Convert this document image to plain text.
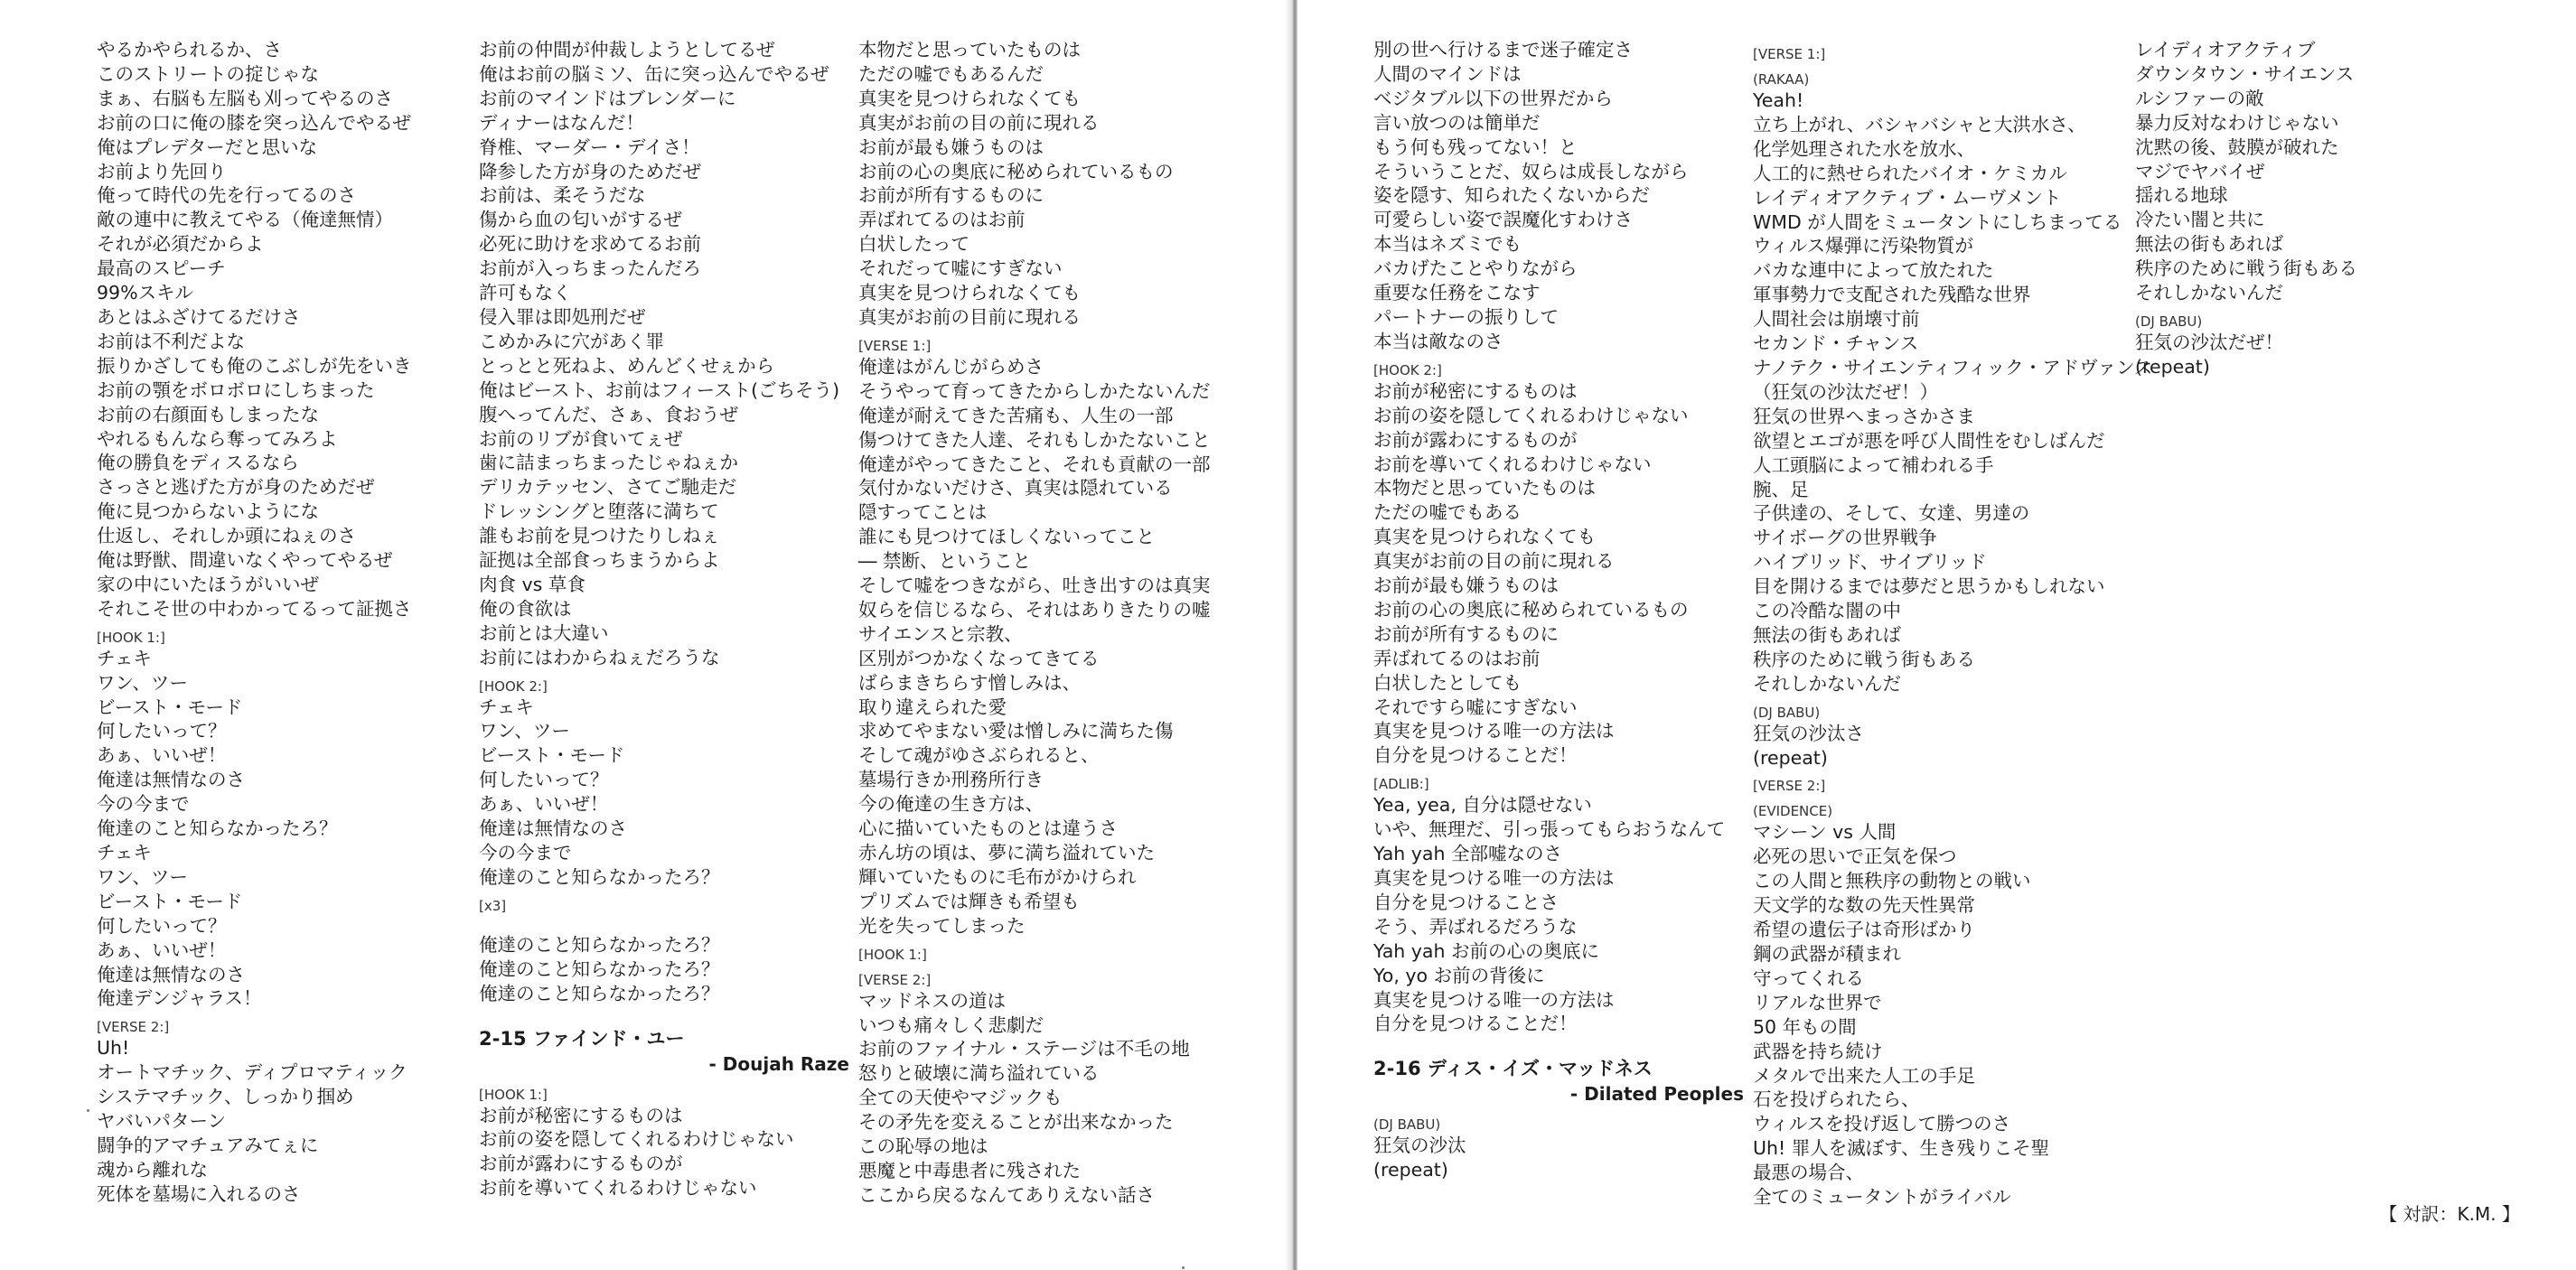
やるかやられるか、さ
このストリートの掟じゃな
まぁ、右脳も左脳も刈ってやるのさ
お前の口に俺の膝を突っ込んでやるぜ
俺はプレデターだと思いな
お前より先回り
俺って時代の先を行ってるのさ
敵の連中に教えてやる（俺達無情）
それが必須だからよ
最高のスピーチ
99%スキル
あとはふざけてるだけさ
お前は不利だよな
振りかざしても俺のこぶしが先をいき
お前の顎をボロボロにしちまった
お前の右顔面もしまったな
やれるもんなら奪ってみろよ
俺の勝負をディスるなら
さっさと逃げた方が身のためだぜ
俺に見つからないようにな
仕返し、それしか頭にねぇのさ
俺は野獣、間違いなくやってやるぜ
家の中にいたほうがいいぜ
それこそ世の中わかってるって証拠さ
[HOOK 1:]
チェキ
ワン、ツー
ビースト・モード
何したいって？
あぁ、いいぜ！
俺達は無情なのさ
今の今まで
俺達のこと知らなかったろ？
チェキ
ワン、ツー
ビースト・モード
何したいって？
あぁ、いいぜ！
俺達は無情なのさ
俺達デンジャラス！
[VERSE 2:]
Uh!
オートマチック、ディプロマティック
システマチック、しっかり掴め
ヤバいパターン
闘争的アマチュアみてぇに
魂から離れな
死体を墓場に入れるのさ
お前の仲間が仲裁しようとしてるぜ
俺はお前の脳ミソ、缶に突っ込んでやるぜ
お前のマインドはブレンダーに
ディナーはなんだ！
脊椎、マーダー・デイさ！
降参した方が身のためだぜ
お前は、柔そうだな
傷から血の匂いがするぜ
必死に助けを求めてるお前
お前が入っちまったんだろ
許可もなく
侵入罪は即処刑だぜ
こめかみに穴があく罪
とっとと死ねよ、めんどくせぇから
俺はビースト、お前はフィースト(ごちそう)
腹へってんだ、さぁ、食おうぜ
お前のリブが食いてぇぜ
歯に詰まっちまったじゃねぇか
デリカテッセン、さてご馳走だ
ドレッシングと堕落に満ちて
誰もお前を見つけたりしねぇ
証拠は全部食っちまうからよ
肉食 vs 草食
俺の食欲は
お前とは大違い
お前にはわからねぇだろうな
[HOOK 2:]
チェキ
ワン、ツー
ビースト・モード
何したいって？
あぁ、いいぜ！
俺達は無情なのさ
今の今まで
俺達のこと知らなかったろ？
[x3]
俺達のこと知らなかったろ？
俺達のこと知らなかったろ？
俺達のこと知らなかったろ？
2-15 ファインド・ユー
- Doujah Raze
[HOOK 1:]
お前が秘密にするものは
お前の姿を隠してくれるわけじゃない
お前が露わにするものが
お前を導いてくれるわけじゃない
本物だと思っていたものは
ただの嘘でもあるんだ
真実を見つけられなくても
真実がお前の目の前に現れる
お前が最も嫌うものは
お前の心の奥底に秘められているもの
お前が所有するものに
弄ばれてるのはお前
白状したって
それだって嘘にすぎない
真実を見つけられなくても
真実がお前の目前に現れる
[VERSE 1:]
俺達はがんじがらめさ
そうやって育ってきたからしかたないんだ
俺達が耐えてきた苦痛も、人生の一部
傷つけてきた人達、それもしかたないこと
俺達がやってきたこと、それも貢献の一部
気付かないだけさ、真実は隠れている
隠すってことは
誰にも見つけてほしくないってこと
― 禁断、ということ
そして嘘をつきながら、吐き出すのは真実
奴らを信じるなら、それはありきたりの嘘
サイエンスと宗教、
区別がつかなくなってきてる
ばらまきちらす憎しみは、
取り違えられた愛
求めてやまない愛は憎しみに満ちた傷
そして魂がゆさぶられると、
墓場行きか刑務所行き
今の俺達の生き方は、
心に描いていたものとは違うさ
赤ん坊の頃は、夢に満ち溢れていた
輝いていたものに毛布がかけられ
プリズムでは輝きも希望も
光を失ってしまった
[HOOK 1:]
[VERSE 2:]
マッドネスの道は
いつも痛々しく悲劇だ
お前のファイナル・ステージは不毛の地
怒りと破壊に満ち溢れている
全ての天使やマジックも
その矛先を変えることが出来なかった
この恥辱の地は
悪魔と中毒患者に残された
ここから戻るなんてありえない話さ
別の世へ行けるまで迷子確定さ
人間のマインドは
ベジタブル以下の世界だから
言い放つのは簡単だ
もう何も残ってない！と
そういうことだ、奴らは成長しながら
姿を隠す、知られたくないからだ
可愛らしい姿で誤魔化すわけさ
本当はネズミでも
バカげたことやりながら
重要な任務をこなす
パートナーの振りして
本当は敵なのさ
[HOOK 2:]
お前が秘密にするものは
お前の姿を隠してくれるわけじゃない
お前が露わにするものが
お前を導いてくれるわけじゃない
本物だと思っていたものは
ただの嘘でもある
真実を見つけられなくても
真実がお前の目の前に現れる
お前が最も嫌うものは
お前の心の奥底に秘められているもの
お前が所有するものに
弄ばれてるのはお前
白状したとしても
それですら嘘にすぎない
真実を見つける唯一の方法は
自分を見つけることだ！
[ADLIB:]
Yea, yea, 自分は隠せない
いや、無理だ、引っ張ってもらおうなんて
Yah yah 全部嘘なのさ
真実を見つける唯一の方法は
自分を見つけることさ
そう、弄ばれるだろうな
Yah yah お前の心の奥底に
Yo, yo お前の背後に
真実を見つける唯一の方法は
自分を見つけることだ！
2-16 ディス・イズ・マッドネス
- Dilated Peoples
(DJ BABU)
狂気の沙汰
(repeat)
[VERSE 1:]
(RAKAA)
Yeah!
立ち上がれ、バシャバシャと大洪水さ、
化学処理された水を放水、
人工的に熱せられたバイオ・ケミカル
レイディオアクティブ・ムーヴメント
WMD が人間をミュータントにしちまってる
ウィルス爆弾に汚染物質が
バカな連中によって放たれた
軍事勢力で支配された残酷な世界
人間社会は崩壊寸前
セカンド・チャンス
ナノテク・サイエンティフィック・アドヴァンス
（狂気の沙汰だぜ！）
狂気の世界へまっさかさま
欲望とエゴが悪を呼び人間性をむしばんだ
人工頭脳によって補われる手
腕、足
子供達の、そして、女達、男達の
サイボーグの世界戦争
ハイブリッド、サイブリッド
目を開けるまでは夢だと思うかもしれない
この冷酷な闇の中
無法の街もあれば
秩序のために戦う街もある
それしかないんだ
(DJ BABU)
狂気の沙汰さ
(repeat)
[VERSE 2:]
(EVIDENCE)
マシーン vs 人間
必死の思いで正気を保つ
この人間と無秩序の動物との戦い
天文学的な数の先天性異常
希望の遺伝子は奇形ばかり
鋼の武器が積まれ
守ってくれる
リアルな世界で
50 年もの間
武器を持ち続け
メタルで出来た人工の手足
石を投げられたら、
ウィルスを投げ返して勝つのさ
Uh! 罪人を滅ぼす、生き残りこそ聖
最悪の場合、
全てのミュータントがライバル
レイディオアクティブ
ダウンタウン・サイエンス
ルシファーの敵
暴力反対なわけじゃない
沈黙の後、鼓膜が破れた
マジでヤバイぜ
揺れる地球
冷たい闇と共に
無法の街もあれば
秩序のために戦う街もある
それしかないんだ
(DJ BABU)
狂気の沙汰だぜ！
(repeat)
【 対訳：K.M. 】
